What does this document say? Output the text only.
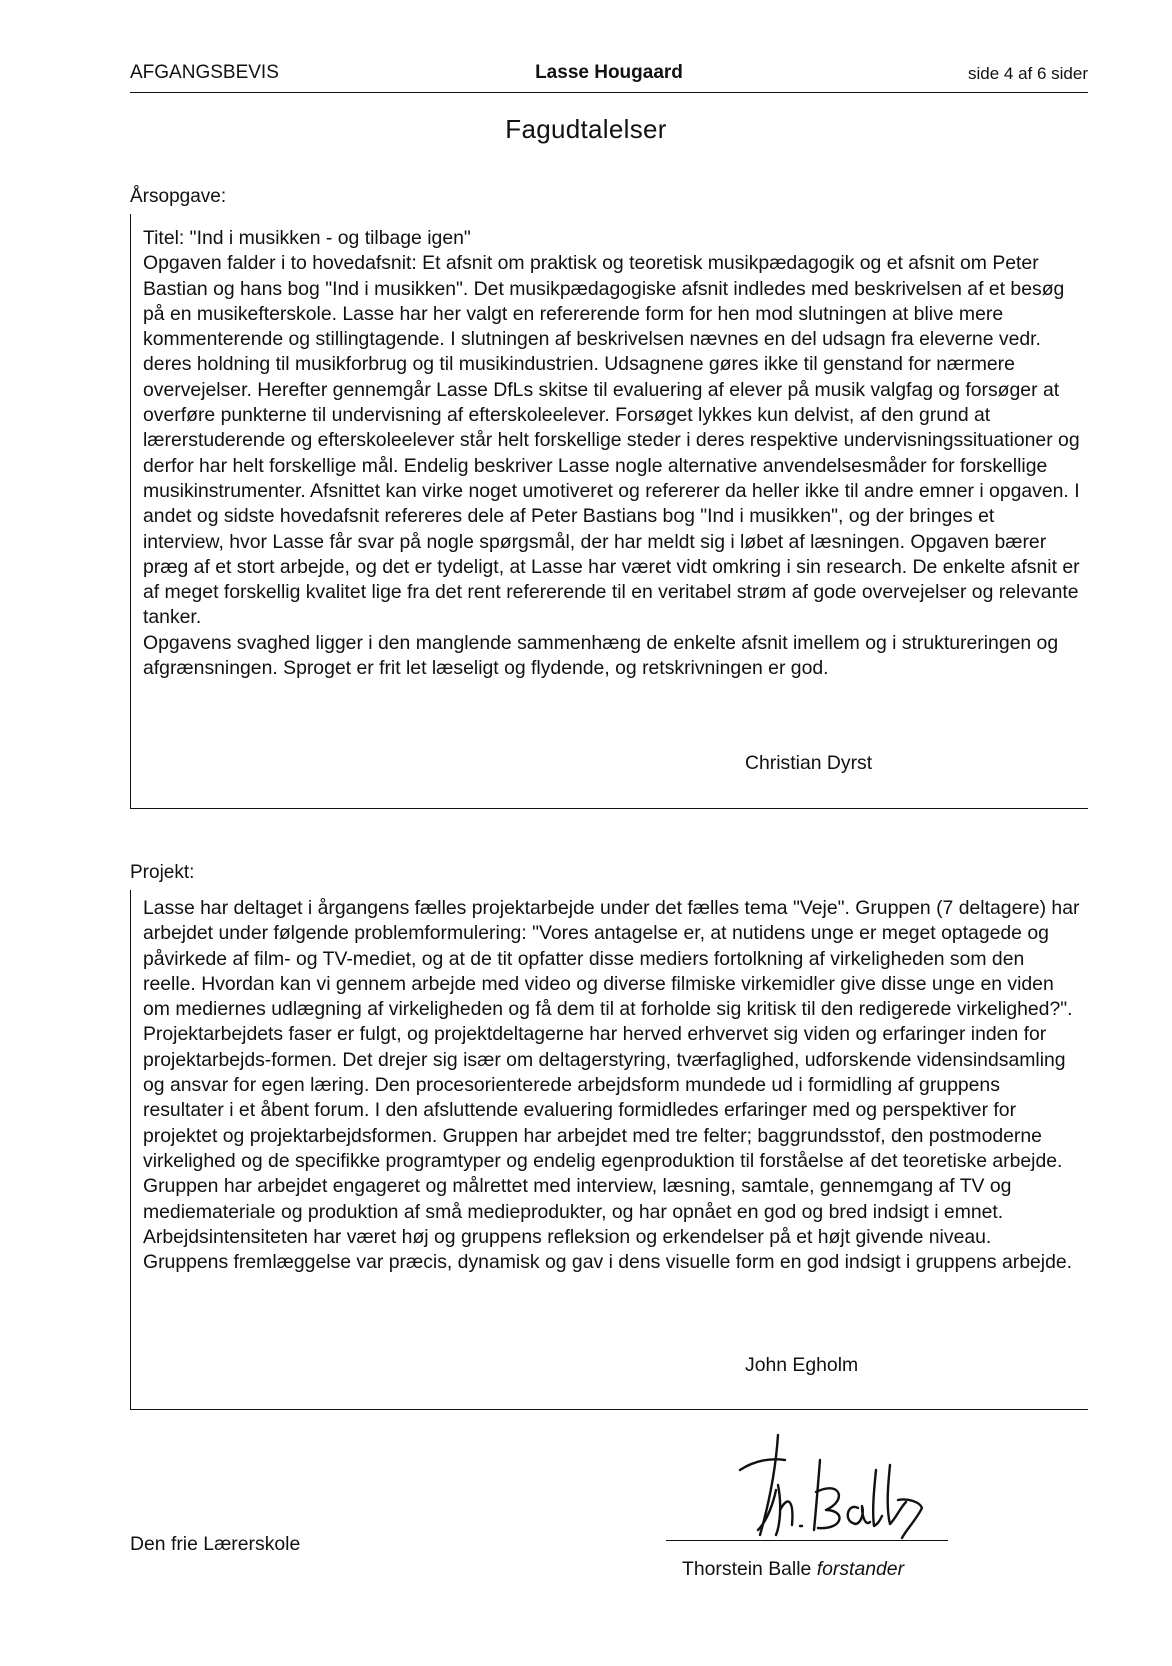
AFGANGSBEVIS	Lasse Hougaard	side 4 af 6 sider
Fagudtalelser
Årsopgave:

Titel: "Ind i musikken - og tilbage igen"

Opgaven falder i to hovedafsnit: Et afsnit om praktisk og teoretisk musikpædagogik og et afsnit om Peter Bastian og hans bog "Ind i musikken". Det musikpædagogiske afsnit indledes med beskrivelsen af et besøg på en musikefterskole. Lasse har her valgt en refererende form for hen mod slutningen at blive mere kommenterende og stillingtagende. I slutningen af beskrivelsen nævnes en del udsagn fra eleverne vedr. deres holdning til musikforbrug og til musikindustrien. Udsagnene gøres ikke til genstand for nærmere overvejelser. Herefter gennemgår Lasse DfLs skitse til evaluering af elever på musik valgfag og forsøger at overføre punkterne til undervisning af efterskoleelever. Forsøget lykkes kun delvist, af den grund at lærerstuderende og efterskoleelever står helt forskellige steder i deres respektive undervisningssituationer og derfor har helt forskellige mål. Endelig beskriver Lasse nogle alternative anvendelsesmåder for forskellige musikinstrumenter. Afsnittet kan virke noget umotiveret og refererer da heller ikke til andre emner i opgaven. I andet og sidste hovedafsnit refereres dele af Peter Bastians bog "Ind i musikken", og der bringes et interview, hvor Lasse får svar på nogle spørgsmål, der har meldt sig i løbet af læsningen. Opgaven bærer præg af et stort arbejde, og det er tydeligt, at Lasse har været vidt omkring i sin research. De enkelte afsnit er af meget forskellig kvalitet lige fra det rent refererende til en veritabel strøm af gode overvejelser og relevante tanker.

Opgavens svaghed ligger i den manglende sammenhæng de enkelte afsnit imellem og i struktureringen og afgrænsningen. Sproget er frit let læseligt og flydende, og retskrivningen er god.

Christian Dyrst
Projekt:

Lasse har deltaget i årgangens fælles projektarbejde under det fælles tema "Veje". Gruppen (7 deltagere) har arbejdet under følgende problemformulering: "Vores antagelse er, at nutidens unge er meget optagede og påvirkede af film- og TV-mediet, og at de tit opfatter disse mediers fortolkning af virkeligheden som den reelle. Hvordan kan vi gennem arbejde med video og diverse filmiske virkemidler give disse unge en viden om mediernes udlægning af virkeligheden og få dem til at forholde sig kritisk til den redigerede virkelighed?". Projektarbejdets faser er fulgt, og projektdeltagerne har herved erhvervet sig viden og erfaringer inden for projektarbejds-formen. Det drejer sig især om deltagerstyring, tværfaglighed, udforskende vidensindsamling og ansvar for egen læring. Den procesorienterede arbejdsform mundede ud i formidling af gruppens resultater i et åbent forum. I den afsluttende evaluering formidledes erfaringer med og perspektiver for projektet og projektarbejdsformen. Gruppen har arbejdet med tre felter; baggrundsstof, den postmoderne virkelighed og de specifikke programtyper og endelig egenproduktion til forståelse af det teoretiske arbejde. Gruppen har arbejdet engageret og målrettet med interview, læsning, samtale, gennemgang af TV og mediemateriale og produktion af små medieprodukter, og har opnået en god og bred indsigt i emnet. Arbejdsintensiteten har været høj og gruppens refleksion og erkendelser på et højt givende niveau. Gruppens fremlæggelse var præcis, dynamisk og gav i dens visuelle form en god indsigt i gruppens arbejde.

John Egholm
Den frie Lærerskole
Thorstein Balle forstander
